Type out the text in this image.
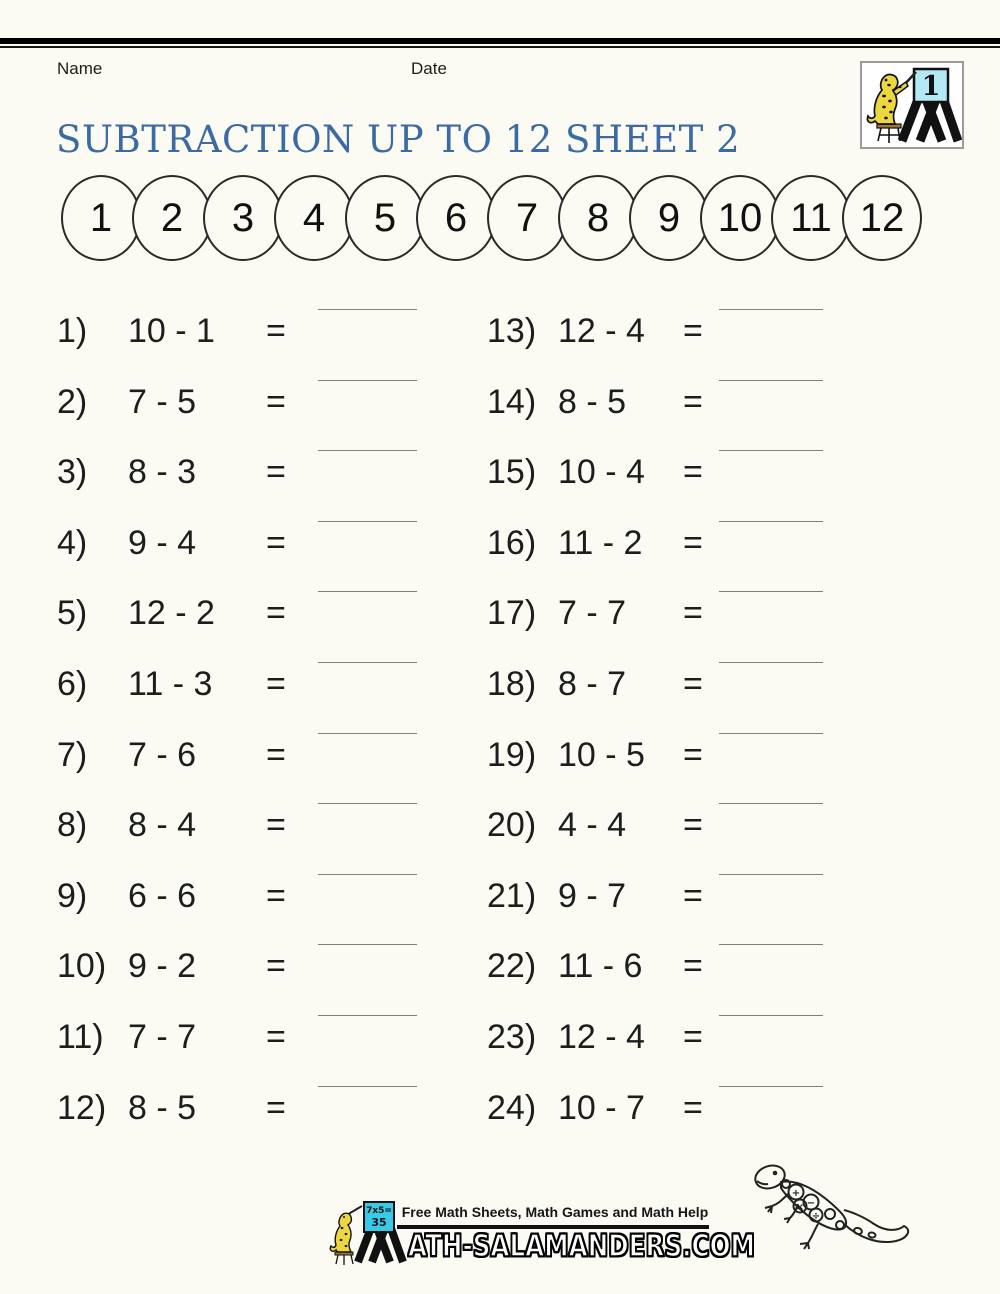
Name	Date
1
SUBTRACTION UP TO 12 SHEET 2
1 2 3 4 5 6 7 8 9 10 11 12
1) 10 - 1 =
2) 7 - 5 =
3) 8 - 3 =
4) 9 - 4 =
5) 12 - 2 =
6) 11 - 3 =
7) 7 - 6 =
8) 8 - 4 =
9) 6 - 6 =
10) 9 - 2 =
11) 7 - 7 =
12) 8 - 5 =
13) 12 - 4 =
14) 8 - 5 =
15) 10 - 4 =
16) 11 - 2 =
17) 7 - 7 =
18) 8 - 7 =
19) 10 - 5 =
20) 4 - 4 =
21) 9 - 7 =
22) 11 - 6 =
23) 12 - 4 =
24) 10 - 7 =
7x5=
35
Free Math Sheets, Math Games and Math Help
ATH-SALAMANDERS.COM
+
−
×
÷
